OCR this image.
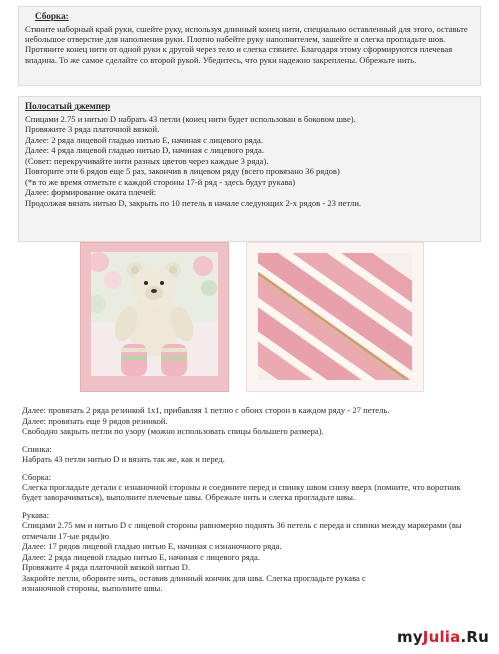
Сборка:

Стяните наборный край руки, сшейте руку, используя длинный конец нити, специально оставленный для этого, оставьте небольшое отверстие для наполнения руки. Плотно набейте руку наполнителем, зашейте и слегка прогладьте шов. Протяните конец нити от одной руки к другой через тело и слегка стяните. Благодаря этому сформируются плечевая впадина. То же самое сделайте со второй рукой. Убедитесь, что руки надежно закреплены. Обрежьте нить.

Полосатый джемпер
Спицами 2.75 и нитью D набрать 43 петли (конец нити будет использован в боковом шве).
Провяжите 3 ряда платочной вязкой.
Далее: 2 ряда лицевой гладью нитью E, начиная с лицевого ряда.
Далее: 4 ряда лицевой гладью нитью D, начиная с лицевого ряда.
(Совет: перекручивайте нити разных цветов через каждые 3 ряда).
Повторите эти 6 рядов еще 5 раз, закончив в лицевом ряду (всего провязано 36 рядов)
(*в то же время отметьте с каждой стороны 17-й ряд - здесь будут рукава)
Далее: формирование оката плечей:
Продолжая вязать нитью D, закрыть по 10 петель в начале следующих 2-х рядов - 23 петли.
Далее: провязать 2 ряда резинкой 1х1, прибавляя 1 петлю с обоих сторон в каждом ряду - 27 петель.
Далее: провязать еще 9 рядов резинкой.
Свободно закрыть петли по узору (можно использовать спицы большего размера).
Спинка:
Набрать 43 петли нитью D и вязать так же, как и перед.
Сборка:

Слегка прогладьте детали с изнаночной стороны и соедините перед и спинку швом снизу вверх (помните, что воротник будет заворачиваться), выполните плечевые швы. Обрежьте нить и слегка прогладьте швы.

Рукава:

Спицами 2.75 мм и нитью D с лицевой стороны равномерно поднять 36 петель с переда и спинки между маркерами (вы отмечали 17-ые ряды)ю

Далее: 17 рядов лицевой гладью нитью E, начиная с изнаночного ряда.
Далее: 2 ряда лицевой гладью нитью E, начиная с лицевого ряда.
Провяжите 4 ряда платочной вязкой нитью D.

Закройте петли, оборвите нить, оставив длинный кончик для шва. Слегка прогладьте рукава с изнаночной стороны, выполните швы.

myJulia.Ru
